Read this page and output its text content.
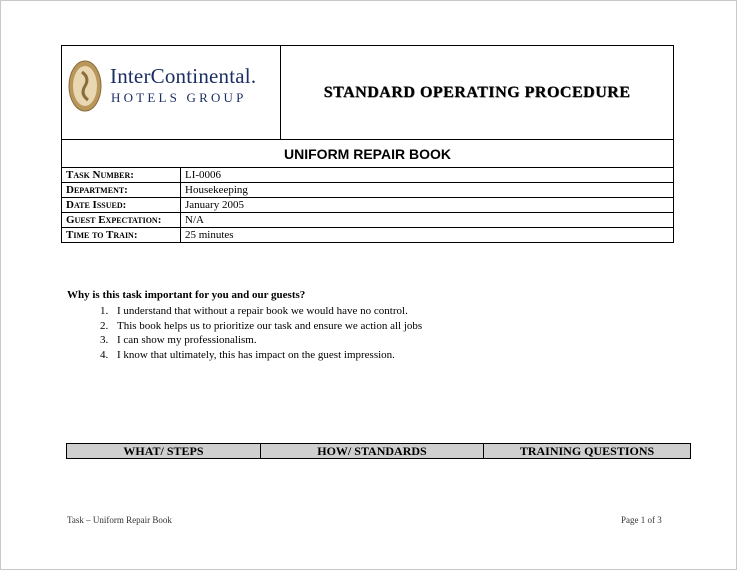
InterContinental.
HOTELS GROUP	STANDARD OPERATING PROCEDURE
UNIFORM REPAIR BOOK
Task Number:	LI-0006
Department:	Housekeeping
Date Issued:	January 2005
Guest Expectation:	N/A
Time to Train:	25 minutes
Why is this task important for you and our guests?
1. I understand that without a repair book we would have no control.
2. This book helps us to prioritize our task and ensure we action all jobs
3. I can show my professionalism.
4. I know that ultimately, this has impact on the guest impression.
WHAT/ STEPS	HOW/ STANDARDS	TRAINING QUESTIONS
Task – Uniform Repair Book	Page 1 of 3
